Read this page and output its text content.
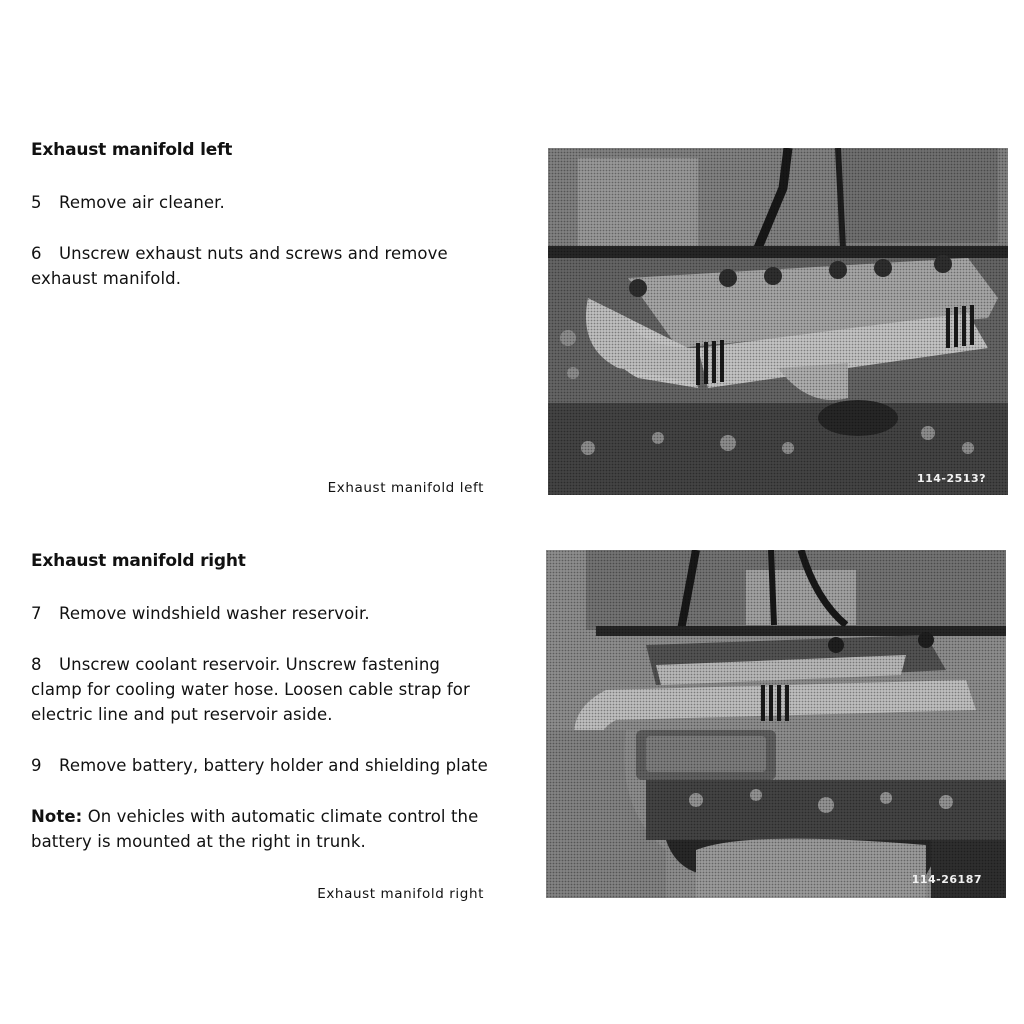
Exhaust manifold left

5 Remove air cleaner.

6 Unscrew exhaust nuts and screws and remove exhaust manifold.

Exhaust manifold left
114-2513?
Exhaust manifold right

7 Remove windshield washer reservoir.

8 Unscrew coolant reservoir. Unscrew fastening clamp for cooling water hose. Loosen cable strap for electric line and put reservoir aside.

9 Remove battery, battery holder and shielding plate

Note: On vehicles with automatic climate control the battery is mounted at the right in trunk.

Exhaust manifold right
114-26187
